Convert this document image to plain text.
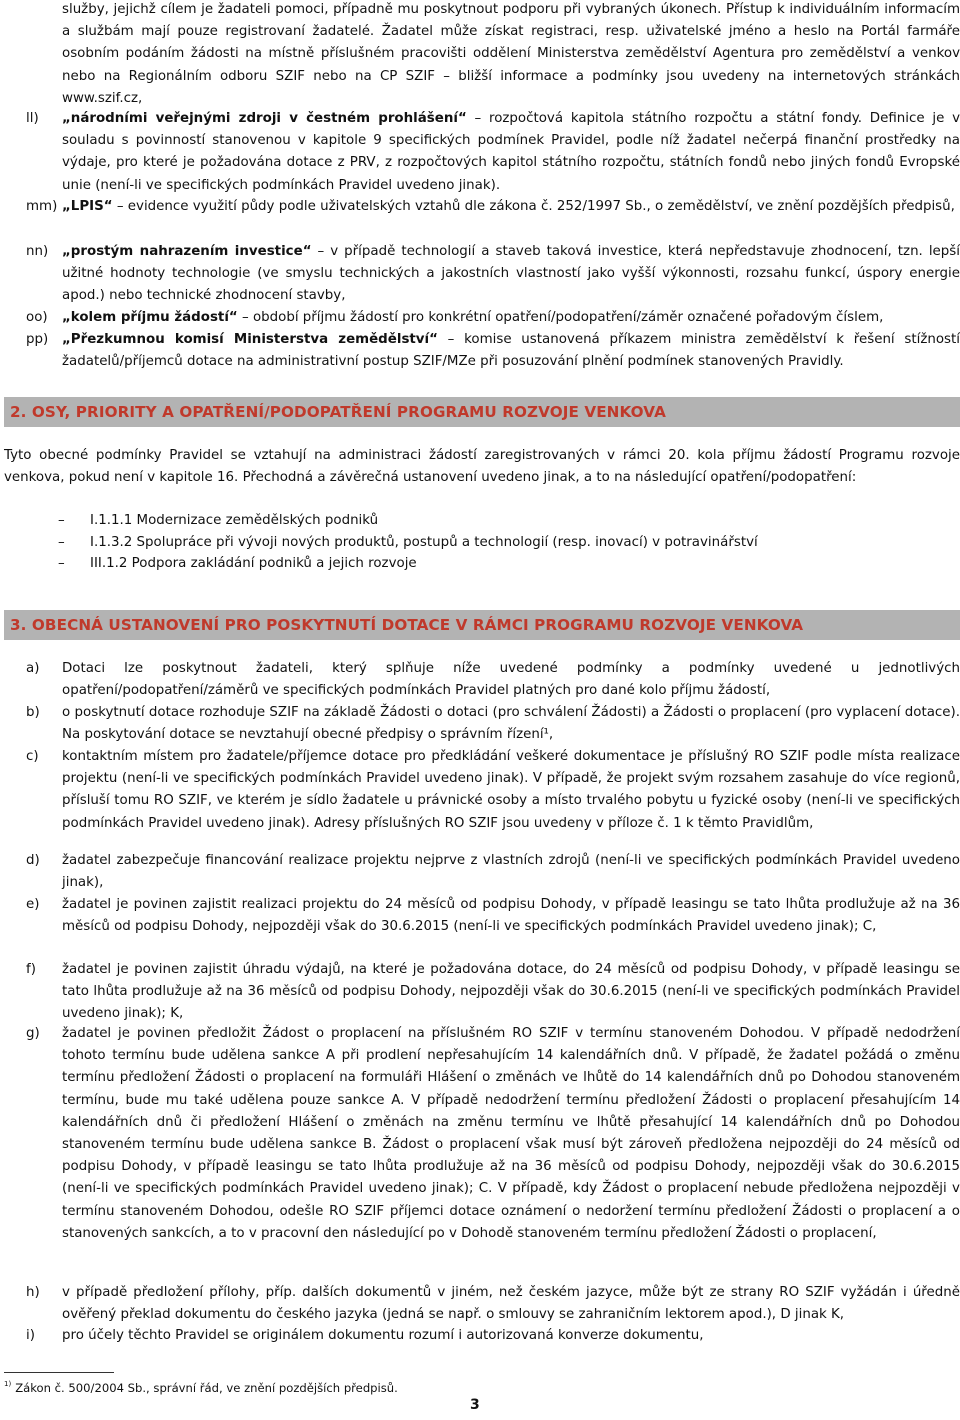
služby, jejichž cílem je žadateli pomoci, případně mu poskytnout podporu při vybraných úkonech. Přístup k individuálním informacím a službám mají pouze registrovaní žadatelé. Žadatel může získat registraci, resp. uživatelské jméno a heslo na Portál farmáře osobním podáním žádosti na místně příslušném pracovišti oddělení Ministerstva zemědělství Agentura pro zemědělství a venkov nebo na Regionálním odboru SZIF nebo na CP SZIF – bližší informace a podmínky jsou uvedeny na internetových stránkách www.szif.cz,

ll)	„národními veřejnými zdroji v čestném prohlášení“ – rozpočtová kapitola státního rozpočtu a státní fondy. Definice je v souladu s povinností stanovenou v kapitole 9 specifických podmínek Pravidel, podle níž žadatel nečerpá finanční prostředky na výdaje, pro které je požadována dotace z PRV, z rozpočtových kapitol státního rozpočtu, státních fondů nebo jiných fondů Evropské unie (není-li ve specifických podmínkách Pravidel uvedeno jinak).
mm) „LPIS“ – evidence využití půdy podle uživatelských vztahů dle zákona č. 252/1997 Sb., o zemědělství, ve znění pozdějších předpisů,
nn)	„prostým nahrazením investice“ – v případě technologií a staveb taková investice, která nepředstavuje zhodnocení, tzn. lepší užitné hodnoty technologie (ve smyslu technických a jakostních vlastností jako vyšší výkonnosti, rozsahu funkcí, úspory energie apod.) nebo technické zhodnocení stavby,
oo)	„kolem příjmu žádostí“ – období příjmu žádostí pro konkrétní opatření/podopatření/záměr označené pořadovým číslem,
pp)	„Přezkumnou komisí Ministerstva zemědělství“ – komise ustanovená příkazem ministra zemědělství k řešení stížností žadatelů/příjemců dotace na administrativní postup SZIF/MZe při posuzování plnění podmínek stanovených Pravidly.
2. OSY, PRIORITY A OPATŘENÍ/PODOPATŘENÍ PROGRAMU ROZVOJE VENKOVA

Tyto obecné podmínky Pravidel se vztahují na administraci žádostí zaregistrovaných v rámci 20. kola příjmu žádostí Programu rozvoje venkova, pokud není v kapitole 16. Přechodná a závěrečná ustanovení uvedeno jinak, a to na následující opatření/podopatření:

–	I.1.1.1 Modernizace zemědělských podniků
–	I.1.3.2 Spolupráce při vývoji nových produktů, postupů a technologií (resp. inovací) v potravinářství
–	III.1.2 Podpora zakládání podniků a jejich rozvoje
3. OBECNÁ USTANOVENÍ PRO POSKYTNUTÍ DOTACE V RÁMCI PROGRAMU ROZVOJE VENKOVA
a)	Dotaci lze poskytnout žadateli, který splňuje níže uvedené podmínky a podmínky uvedené u jednotlivých opatření/podopatření/záměrů ve specifických podmínkách Pravidel platných pro dané kolo příjmu žádostí,
b)	o poskytnutí dotace rozhoduje SZIF na základě Žádosti o dotaci (pro schválení Žádosti) a Žádosti o proplacení (pro vyplacení dotace). Na poskytování dotace se nevztahují obecné předpisy o správním řízení¹,
c)	kontaktním místem pro žadatele/příjemce dotace pro předkládání veškeré dokumentace je příslušný RO SZIF podle místa realizace projektu (není-li ve specifických podmínkách Pravidel uvedeno jinak). V případě, že projekt svým rozsahem zasahuje do více regionů, přísluší tomu RO SZIF, ve kterém je sídlo žadatele u právnické osoby a místo trvalého pobytu u fyzické osoby (není-li ve specifických podmínkách Pravidel uvedeno jinak). Adresy příslušných RO SZIF jsou uvedeny v příloze č. 1 k těmto Pravidlům,
d)	žadatel zabezpečuje financování realizace projektu nejprve z vlastních zdrojů (není-li ve specifických podmínkách Pravidel uvedeno jinak),
e)	žadatel je povinen zajistit realizaci projektu do 24 měsíců od podpisu Dohody, v případě leasingu se tato lhůta prodlužuje až na 36 měsíců od podpisu Dohody, nejpozději však do 30.6.2015 (není-li ve specifických podmínkách Pravidel uvedeno jinak); C,
f)	žadatel je povinen zajistit úhradu výdajů, na které je požadována dotace, do 24 měsíců od podpisu Dohody, v případě leasingu se tato lhůta prodlužuje až na 36 měsíců od podpisu Dohody, nejpozději však do 30.6.2015 (není-li ve specifických podmínkách Pravidel uvedeno jinak); K,
g)	žadatel je povinen předložit Žádost o proplacení na příslušném RO SZIF v termínu stanoveném Dohodou. V případě nedodržení tohoto termínu bude udělena sankce A při prodlení nepřesahujícím 14 kalendářních dnů. V případě, že žadatel požádá o změnu termínu předložení Žádosti o proplacení na formuláři Hlášení o změnách ve lhůtě do 14 kalendářních dnů po Dohodou stanoveném termínu, bude mu také udělena pouze sankce A. V případě nedodržení termínu předložení Žádosti o proplacení přesahujícím 14 kalendářních dnů či předložení Hlášení o změnách na změnu termínu ve lhůtě přesahující 14 kalendářních dnů po Dohodou stanoveném termínu bude udělena sankce B. Žádost o proplacení však musí být zároveň předložena nejpozději do 24 měsíců od podpisu Dohody, v případě leasingu se tato lhůta prodlužuje až na 36 měsíců od podpisu Dohody, nejpozději však do 30.6.2015 (není-li ve specifických podmínkách Pravidel uvedeno jinak); C. V případě, kdy Žádost o proplacení nebude předložena nejpozději v termínu stanoveném Dohodou, odešle RO SZIF příjemci dotace oznámení o nedoržení termínu předložení Žádosti o proplacení a o stanovených sankcích, a to v pracovní den následující po v Dohodě stanoveném termínu předložení Žádosti o proplacení,
h)	v případě předložení přílohy, příp. dalších dokumentů v jiném, než českém jazyce, může být ze strany RO SZIF vyžádán i úředně ověřený překlad dokumentu do českého jazyka (jedná se např. o smlouvy se zahraničním lektorem apod.), D jinak K,
i)	pro účely těchto Pravidel se originálem dokumentu rozumí i autorizovaná konverze dokumentu,
$^{1)}$ Zákon č. 500/2004 Sb., správní řád, ve znění pozdějších předpisů.
3
